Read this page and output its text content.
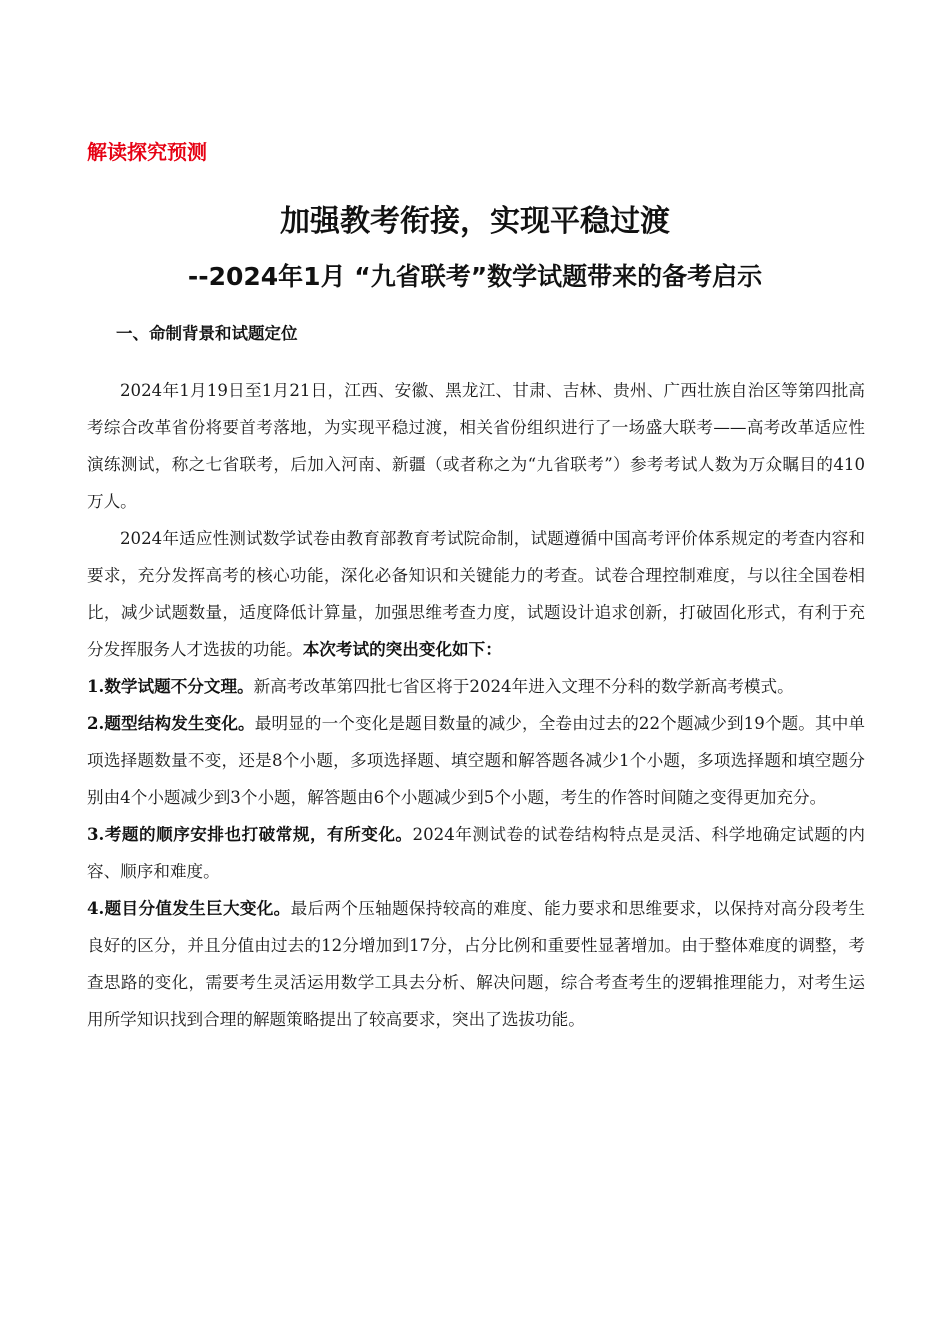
解读探究预测
加强教考衔接，实现平稳过渡
--2024年1月 “九省联考”数学试题带来的备考启示
一、命制背景和试题定位

2024年1月19日至1月21日，江西、安徽、黑龙江、甘肃、吉林、贵州、广西壮族自治区等第四批高考综合改革省份将要首考落地，为实现平稳过渡，相关省份组织进行了一场盛大联考——高考改革适应性演练测试，称之七省联考，后加入河南、新疆（或者称之为“九省联考”）参考考试人数为万众瞩目的410万人。

2024年适应性测试数学试卷由教育部教育考试院命制，试题遵循中国高考评价体系规定的考查内容和要求，充分发挥高考的核心功能，深化必备知识和关键能力的考查。试卷合理控制难度，与以往全国卷相比，减少试题数量，适度降低计算量，加强思维考查力度，试题设计追求创新，打破固化形式，有利于充分发挥服务人才选拔的功能。本次考试的突出变化如下：

1.数学试题不分文理。新高考改革第四批七省区将于2024年进入文理不分科的数学新高考模式。

2.题型结构发生变化。最明显的一个变化是题目数量的减少，全卷由过去的22个题减少到19个题。其中单项选择题数量不变，还是8个小题，多项选择题、填空题和解答题各减少1个小题，多项选择题和填空题分别由4个小题减少到3个小题，解答题由6个小题减少到5个小题，考生的作答时间随之变得更加充分。

3.考题的顺序安排也打破常规，有所变化。2024年测试卷的试卷结构特点是灵活、科学地确定试题的内容、顺序和难度。

4.题目分值发生巨大变化。最后两个压轴题保持较高的难度、能力要求和思维要求，以保持对高分段考生良好的区分，并且分值由过去的12分增加到17分，占分比例和重要性显著增加。由于整体难度的调整，考查思路的变化，需要考生灵活运用数学工具去分析、解决问题，综合考查考生的逻辑推理能力，对考生运用所学知识找到合理的解题策略提出了较高要求，突出了选拔功能。
